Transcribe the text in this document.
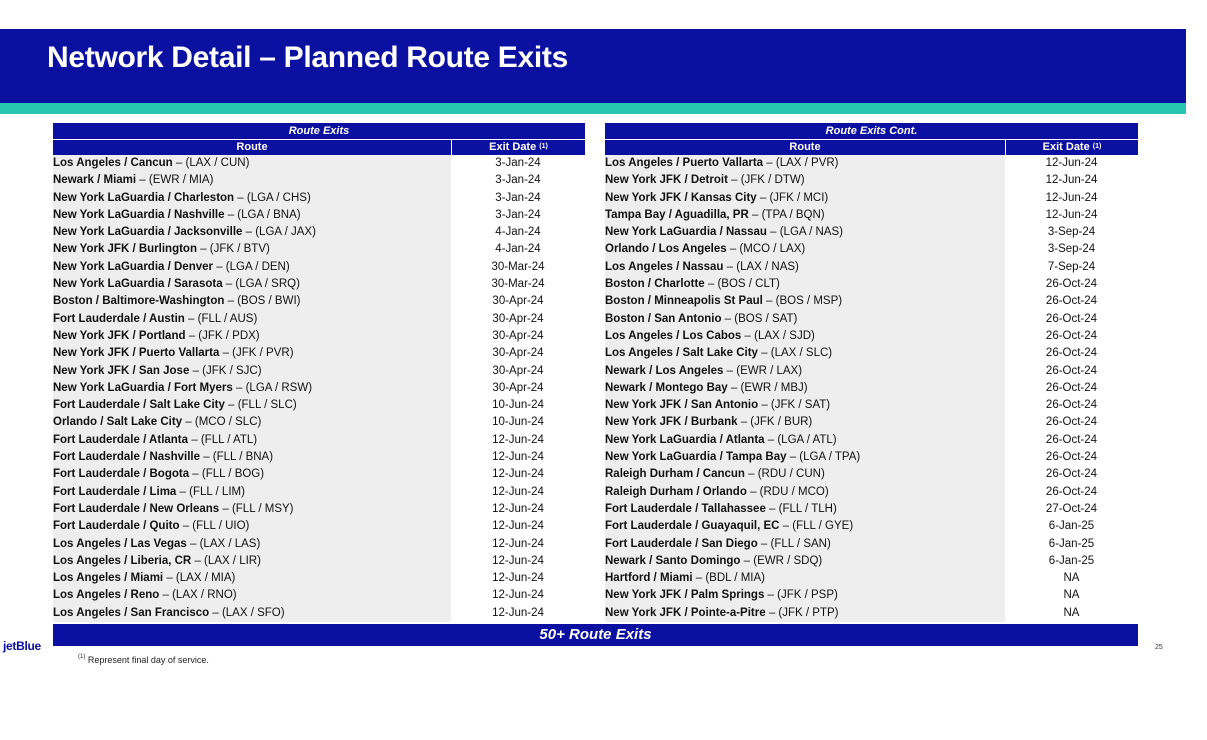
Network Detail – Planned Route Exits
Route Exits
Route	Exit Date $^{(1)}$
Los Angeles / Cancun – (LAX / CUN)	3-Jan-24
Newark / Miami – (EWR / MIA)	3-Jan-24
New York LaGuardia / Charleston – (LGA / CHS)	3-Jan-24
New York LaGuardia / Nashville – (LGA / BNA)	3-Jan-24
New York LaGuardia / Jacksonville – (LGA / JAX)	4-Jan-24
New York JFK / Burlington – (JFK / BTV)	4-Jan-24
New York LaGuardia / Denver – (LGA / DEN)	30-Mar-24
New York LaGuardia / Sarasota – (LGA / SRQ)	30-Mar-24
Boston / Baltimore-Washington – (BOS / BWI)	30-Apr-24
Fort Lauderdale / Austin – (FLL / AUS)	30-Apr-24
New York JFK / Portland – (JFK / PDX)	30-Apr-24
New York JFK / Puerto Vallarta – (JFK / PVR)	30-Apr-24
New York JFK / San Jose – (JFK / SJC)	30-Apr-24
New York LaGuardia / Fort Myers – (LGA / RSW)	30-Apr-24
Fort Lauderdale / Salt Lake City – (FLL / SLC)	10-Jun-24
Orlando / Salt Lake City – (MCO / SLC)	10-Jun-24
Fort Lauderdale / Atlanta – (FLL / ATL)	12-Jun-24
Fort Lauderdale / Nashville – (FLL / BNA)	12-Jun-24
Fort Lauderdale / Bogota – (FLL / BOG)	12-Jun-24
Fort Lauderdale / Lima – (FLL / LIM)	12-Jun-24
Fort Lauderdale / New Orleans – (FLL / MSY)	12-Jun-24
Fort Lauderdale / Quito – (FLL / UIO)	12-Jun-24
Los Angeles / Las Vegas – (LAX / LAS)	12-Jun-24
Los Angeles / Liberia, CR – (LAX / LIR)	12-Jun-24
Los Angeles / Miami – (LAX / MIA)	12-Jun-24
Los Angeles / Reno – (LAX / RNO)	12-Jun-24
Los Angeles / San Francisco – (LAX / SFO)	12-Jun-24
Route Exits Cont.
Route	Exit Date $^{(1)}$
Los Angeles / Puerto Vallarta – (LAX / PVR)	12-Jun-24
New York JFK / Detroit – (JFK / DTW)	12-Jun-24
New York JFK / Kansas City – (JFK / MCI)	12-Jun-24
Tampa Bay / Aguadilla, PR – (TPA / BQN)	12-Jun-24
New York LaGuardia / Nassau – (LGA / NAS)	3-Sep-24
Orlando / Los Angeles – (MCO / LAX)	3-Sep-24
Los Angeles / Nassau – (LAX / NAS)	7-Sep-24
Boston / Charlotte – (BOS / CLT)	26-Oct-24
Boston / Minneapolis St Paul – (BOS / MSP)	26-Oct-24
Boston / San Antonio – (BOS / SAT)	26-Oct-24
Los Angeles / Los Cabos – (LAX / SJD)	26-Oct-24
Los Angeles / Salt Lake City – (LAX / SLC)	26-Oct-24
Newark / Los Angeles – (EWR / LAX)	26-Oct-24
Newark / Montego Bay – (EWR / MBJ)	26-Oct-24
New York JFK / San Antonio – (JFK / SAT)	26-Oct-24
New York JFK / Burbank – (JFK / BUR)	26-Oct-24
New York LaGuardia / Atlanta – (LGA / ATL)	26-Oct-24
New York LaGuardia / Tampa Bay – (LGA / TPA)	26-Oct-24
Raleigh Durham / Cancun – (RDU / CUN)	26-Oct-24
Raleigh Durham / Orlando – (RDU / MCO)	26-Oct-24
Fort Lauderdale / Tallahassee – (FLL / TLH)	27-Oct-24
Fort Lauderdale / Guayaquil, EC – (FLL / GYE)	6-Jan-25
Fort Lauderdale / San Diego – (FLL / SAN)	6-Jan-25
Newark / Santo Domingo – (EWR / SDQ)	6-Jan-25
Hartford / Miami – (BDL / MIA)	NA
New York JFK / Palm Springs – (JFK / PSP)	NA
New York JFK / Pointe-a-Pitre – (JFK / PTP)	NA
50+ Route Exits
jetBlue
$^{(1)}$ Represent final day of service.
25
